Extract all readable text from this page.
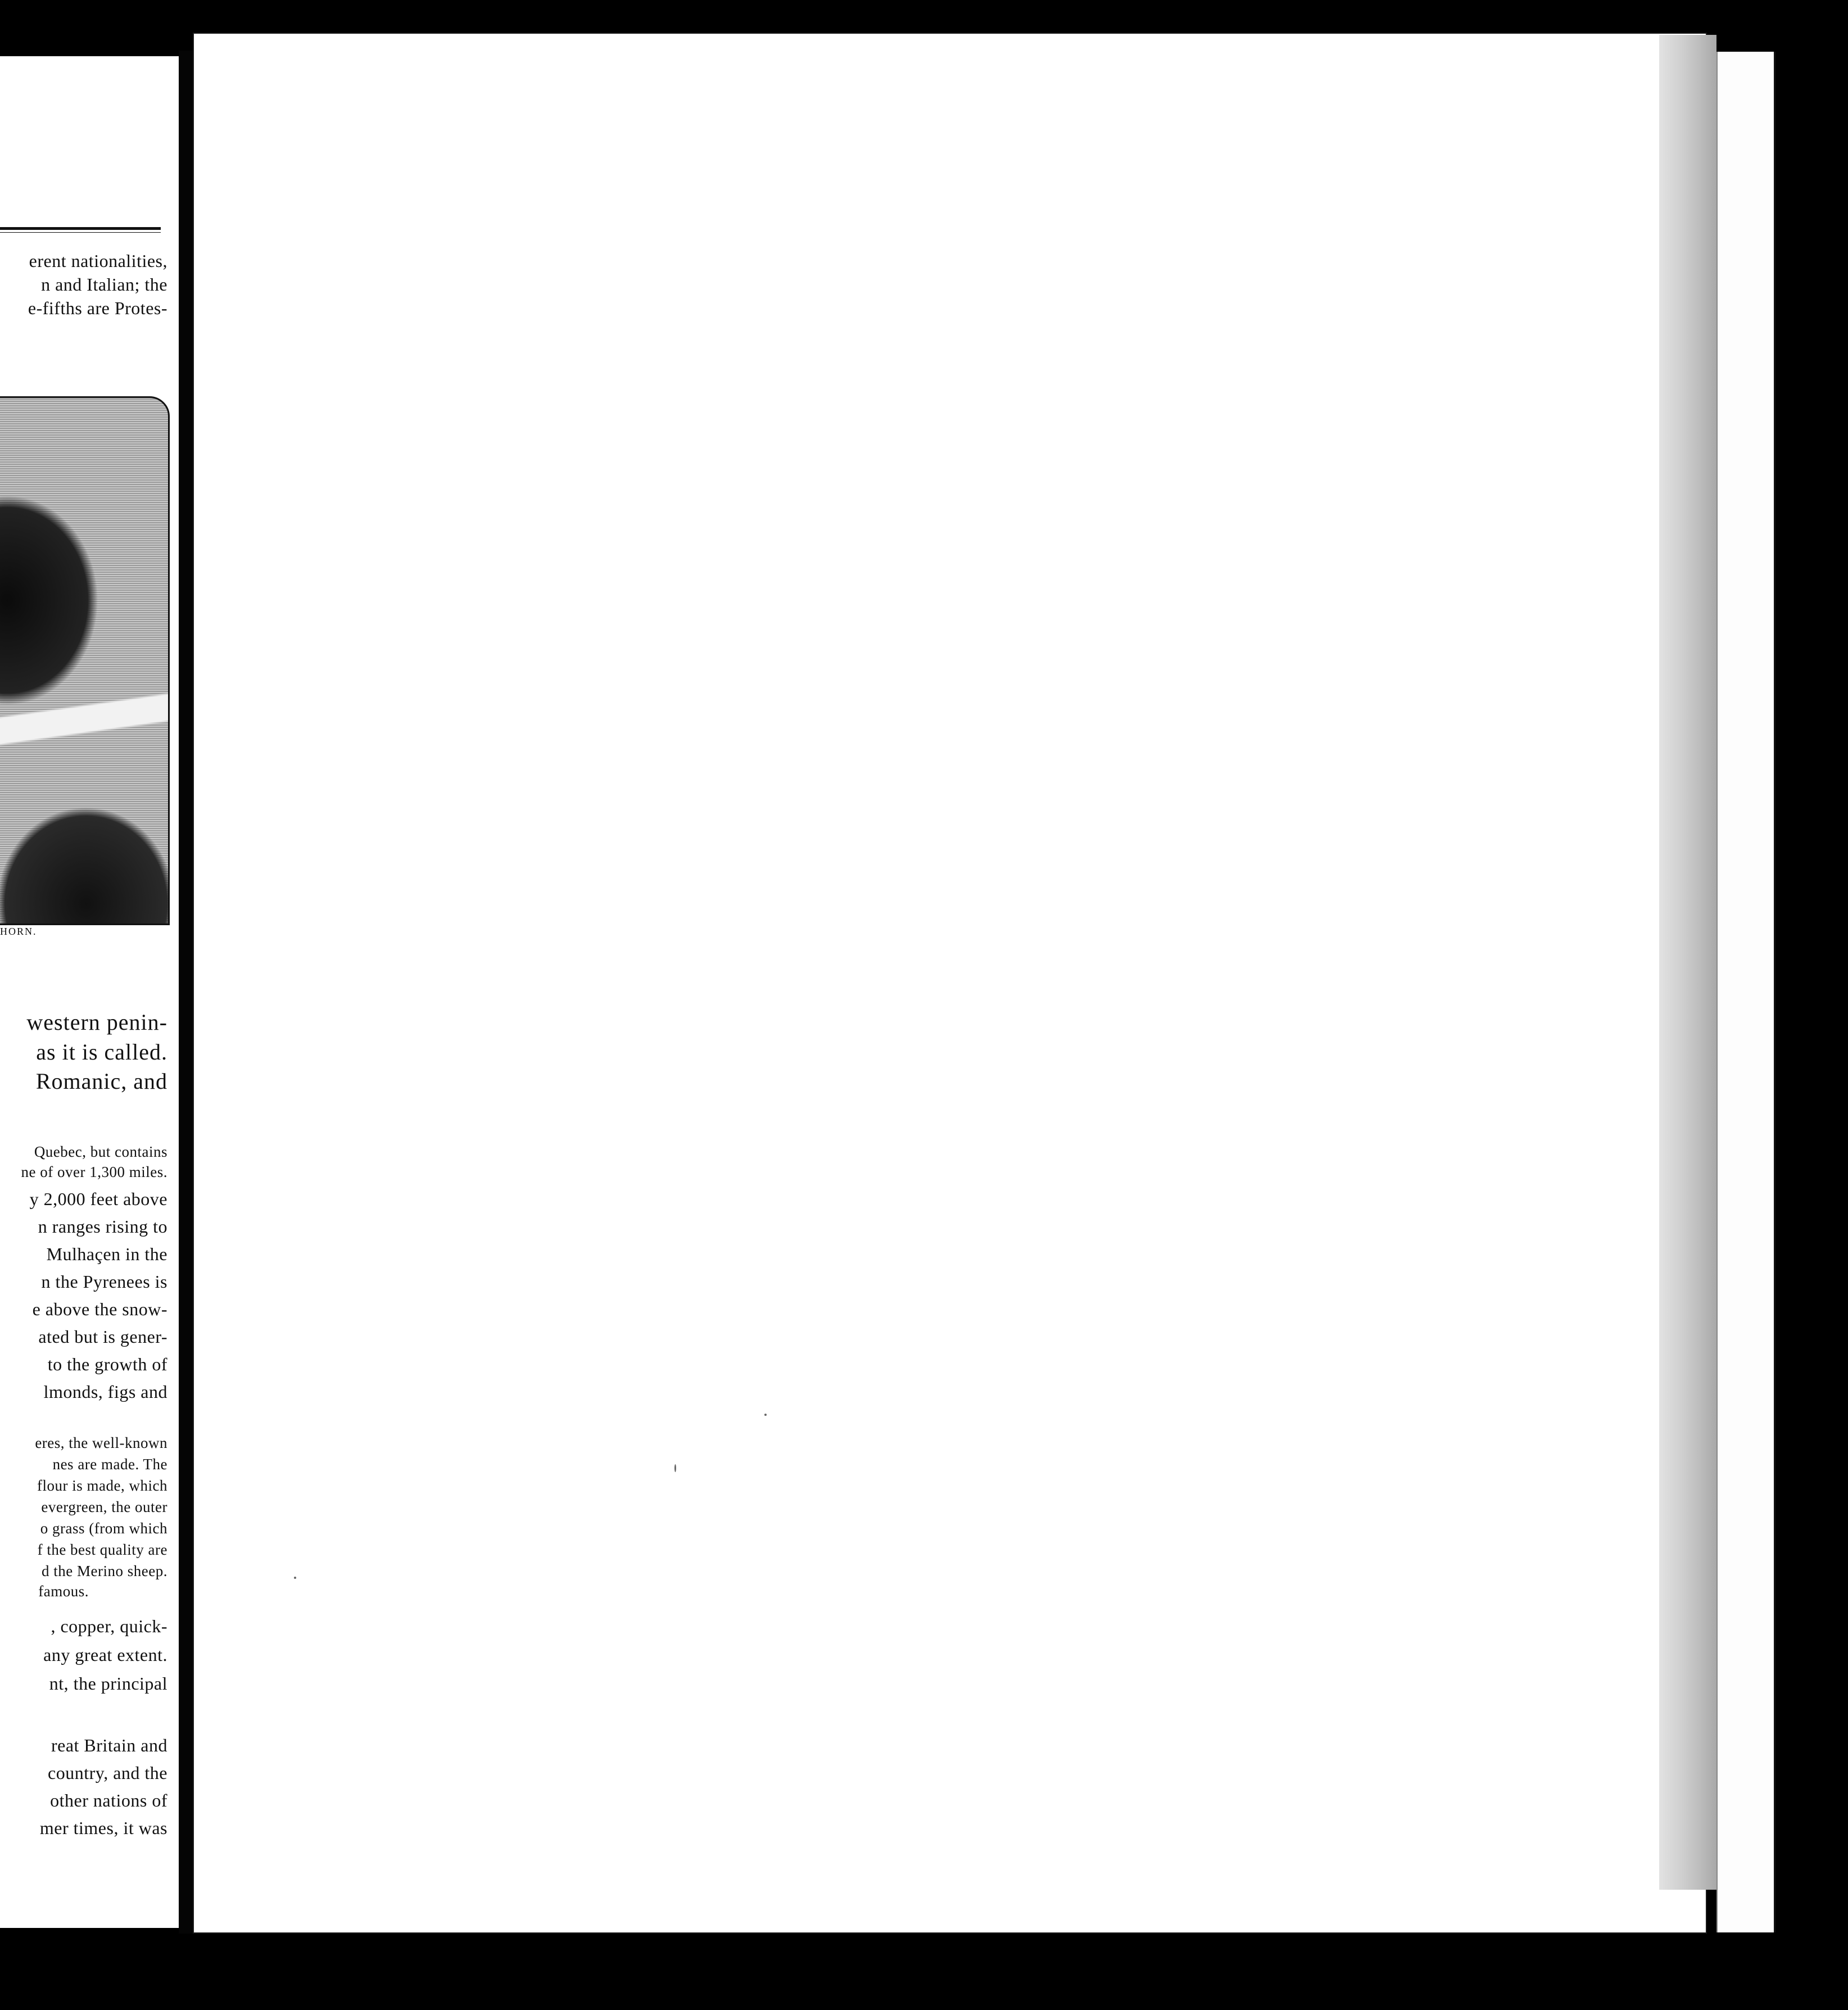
erent nationalities,
n and Italian; the
e-fifths are Protes-
HORN.
western penin-
as it is called.
Romanic, and
Quebec, but contains
ne of over 1,300 miles.
y 2,000 feet above
n ranges rising to
Mulhaçen in the
n the Pyrenees is
e above the snow-
ated but is gener-
to the growth of
lmonds, figs and
eres, the well-known
nes are made. The
flour is made, which
evergreen, the outer
o grass (from which
f the best quality are
d the Merino sheep.
famous.
, copper, quick-
any great extent.
nt, the principal
reat Britain and
country, and the
other nations of
mer times, it was
